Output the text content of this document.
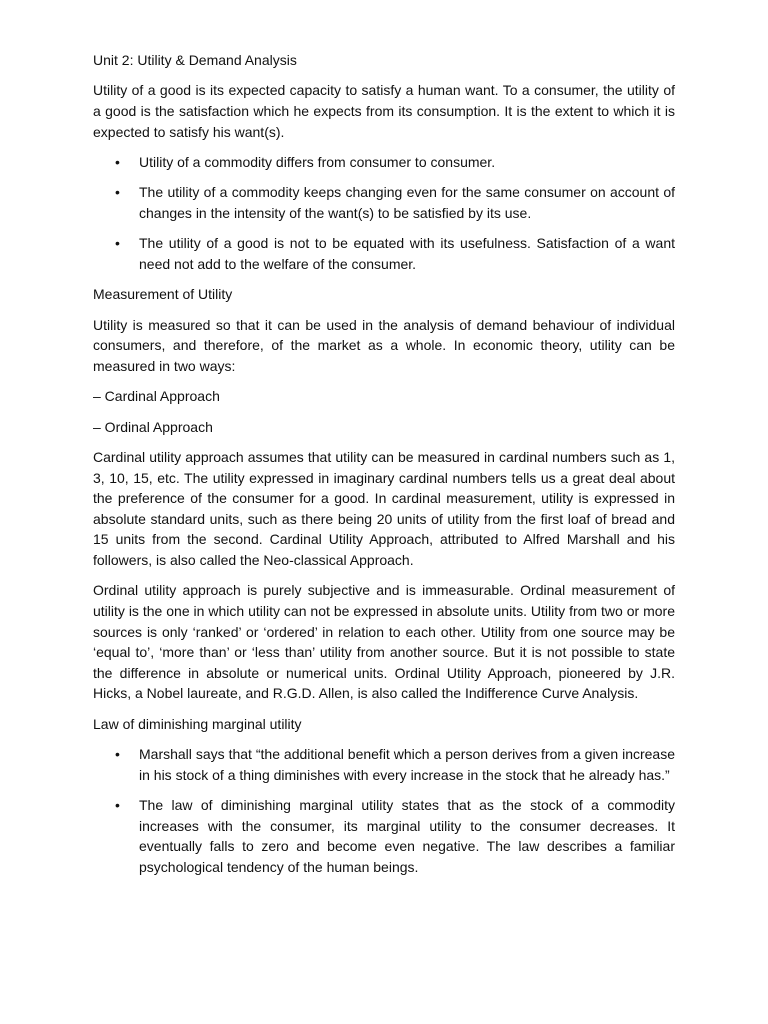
Unit 2: Utility & Demand Analysis

Utility of a good is its expected capacity to satisfy a human want. To a consumer, the utility of a good is the satisfaction which he expects from its consumption. It is the extent to which it is expected to satisfy his want(s).

• Utility of a commodity differs from consumer to consumer.
• The utility of a commodity keeps changing even for the same consumer on account of changes in the intensity of the want(s) to be satisfied by its use.
• The utility of a good is not to be equated with its usefulness. Satisfaction of a want need not add to the welfare of the consumer.
Measurement of Utility

Utility is measured so that it can be used in the analysis of demand behaviour of individual consumers, and therefore, of the market as a whole. In economic theory, utility can be measured in two ways:

– Cardinal Approach
– Ordinal Approach

Cardinal utility approach assumes that utility can be measured in cardinal numbers such as 1, 3, 10, 15, etc. The utility expressed in imaginary cardinal numbers tells us a great deal about the preference of the consumer for a good. In cardinal measurement, utility is expressed in absolute standard units, such as there being 20 units of utility from the first loaf of bread and 15 units from the second. Cardinal Utility Approach, attributed to Alfred Marshall and his followers, is also called the Neo-classical Approach.

Ordinal utility approach is purely subjective and is immeasurable. Ordinal measurement of utility is the one in which utility can not be expressed in absolute units. Utility from two or more sources is only ‘ranked’ or ‘ordered’ in relation to each other. Utility from one source may be ‘equal to’, ‘more than’ or ‘less than’ utility from another source. But it is not possible to state the difference in absolute or numerical units. Ordinal Utility Approach, pioneered by J.R. Hicks, a Nobel laureate, and R.G.D. Allen, is also called the Indifference Curve Analysis.

Law of diminishing marginal utility
• Marshall says that “the additional benefit which a person derives from a given increase in his stock of a thing diminishes with every increase in the stock that he already has.”
• The law of diminishing marginal utility states that as the stock of a commodity increases with the consumer, its marginal utility to the consumer decreases. It eventually falls to zero and become even negative. The law describes a familiar psychological tendency of the human beings.
